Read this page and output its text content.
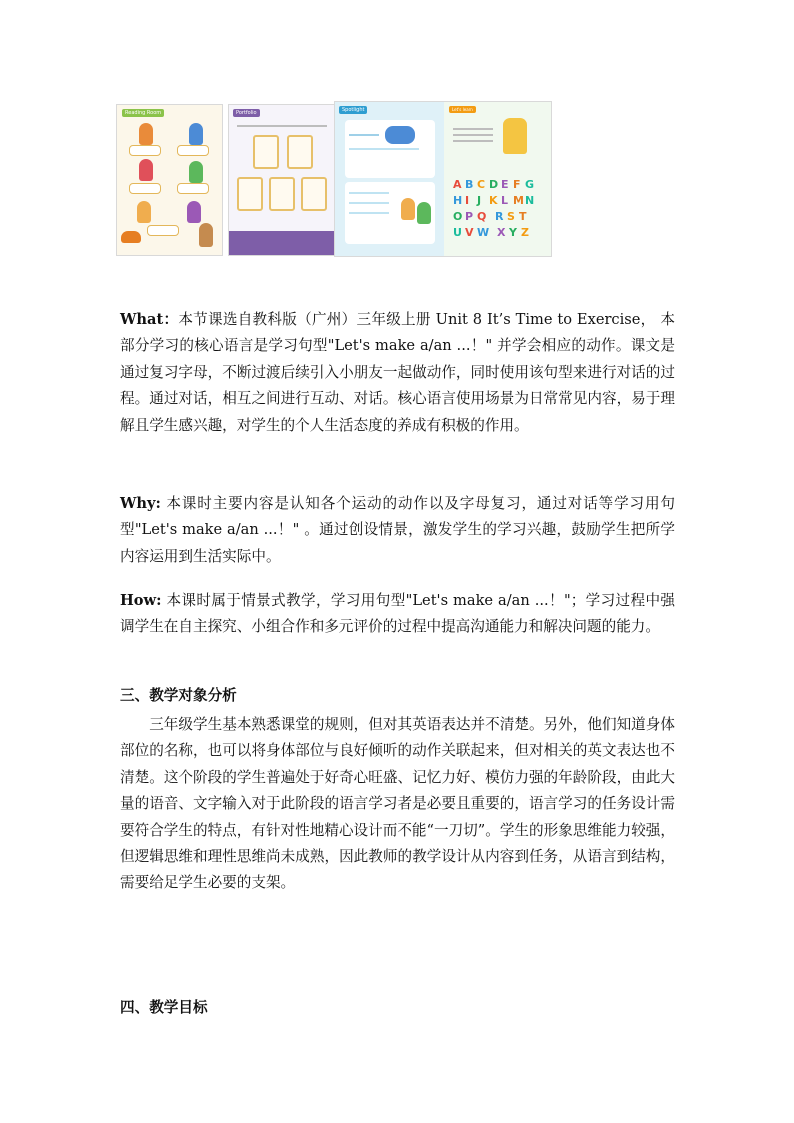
Reading Room	Portfolio	Spotlight	Let's learn
A B C D E F G
H I J K L M N
O P Q R S T
U V W X Y Z

What：本节课选自教科版（广州）三年级上册 Unit 8 It’s Time to Exercise， 本部分学习的核心语言是学习句型"Let's make a/an ...！" 并学会相应的动作。课文是通过复习字母，不断过渡后续引入小朋友一起做动作，同时使用该句型来进行对话的过程。通过对话，相互之间进行互动、对话。核心语言使用场景为日常常见内容，易于理解且学生感兴趣，对学生的个人生活态度的养成有积极的作用。

Why: 本课时主要内容是认知各个运动的动作以及字母复习，通过对话等学习用句型"Let's make a/an ...！" 。通过创设情景，激发学生的学习兴趣，鼓励学生把所学内容运用到生活实际中。

How: 本课时属于情景式教学，学习用句型"Let's make a/an ...！"；学习过程中强调学生在自主探究、小组合作和多元评价的过程中提高沟通能力和解决问题的能力。

三、教学对象分析

三年级学生基本熟悉课堂的规则，但对其英语表达并不清楚。另外，他们知道身体部位的名称，也可以将身体部位与良好倾听的动作关联起来，但对相关的英文表达也不清楚。这个阶段的学生普遍处于好奇心旺盛、记忆力好、模仿力强的年龄阶段，由此大量的语音、文字输入对于此阶段的语言学习者是必要且重要的，语言学习的任务设计需要符合学生的特点，有针对性地精心设计而不能“一刀切”。学生的形象思维能力较强，但逻辑思维和理性思维尚未成熟，因此教师的教学设计从内容到任务，从语言到结构，需要给足学生必要的支架。

四、教学目标
